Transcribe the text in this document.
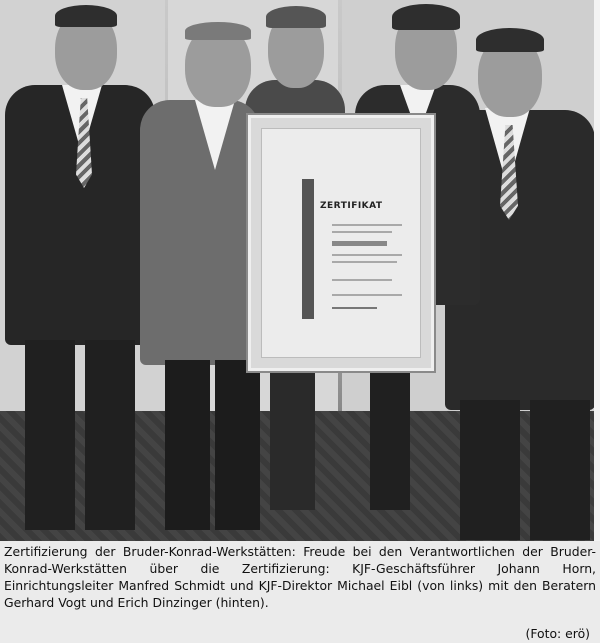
ZERTIFIKAT
Zertifizierung der Bruder-Konrad-Werkstätten: Freude bei den Verantwortlichen der Bruder-Konrad-Werkstätten über die Zertifizierung: KJF-Geschäftsführer Johann Horn, Einrichtungsleiter Manfred Schmidt und KJF-Direktor Michael Eibl (von links) mit den Beratern Gerhard Vogt und Erich Dinzinger (hinten).
(Foto: erö)
